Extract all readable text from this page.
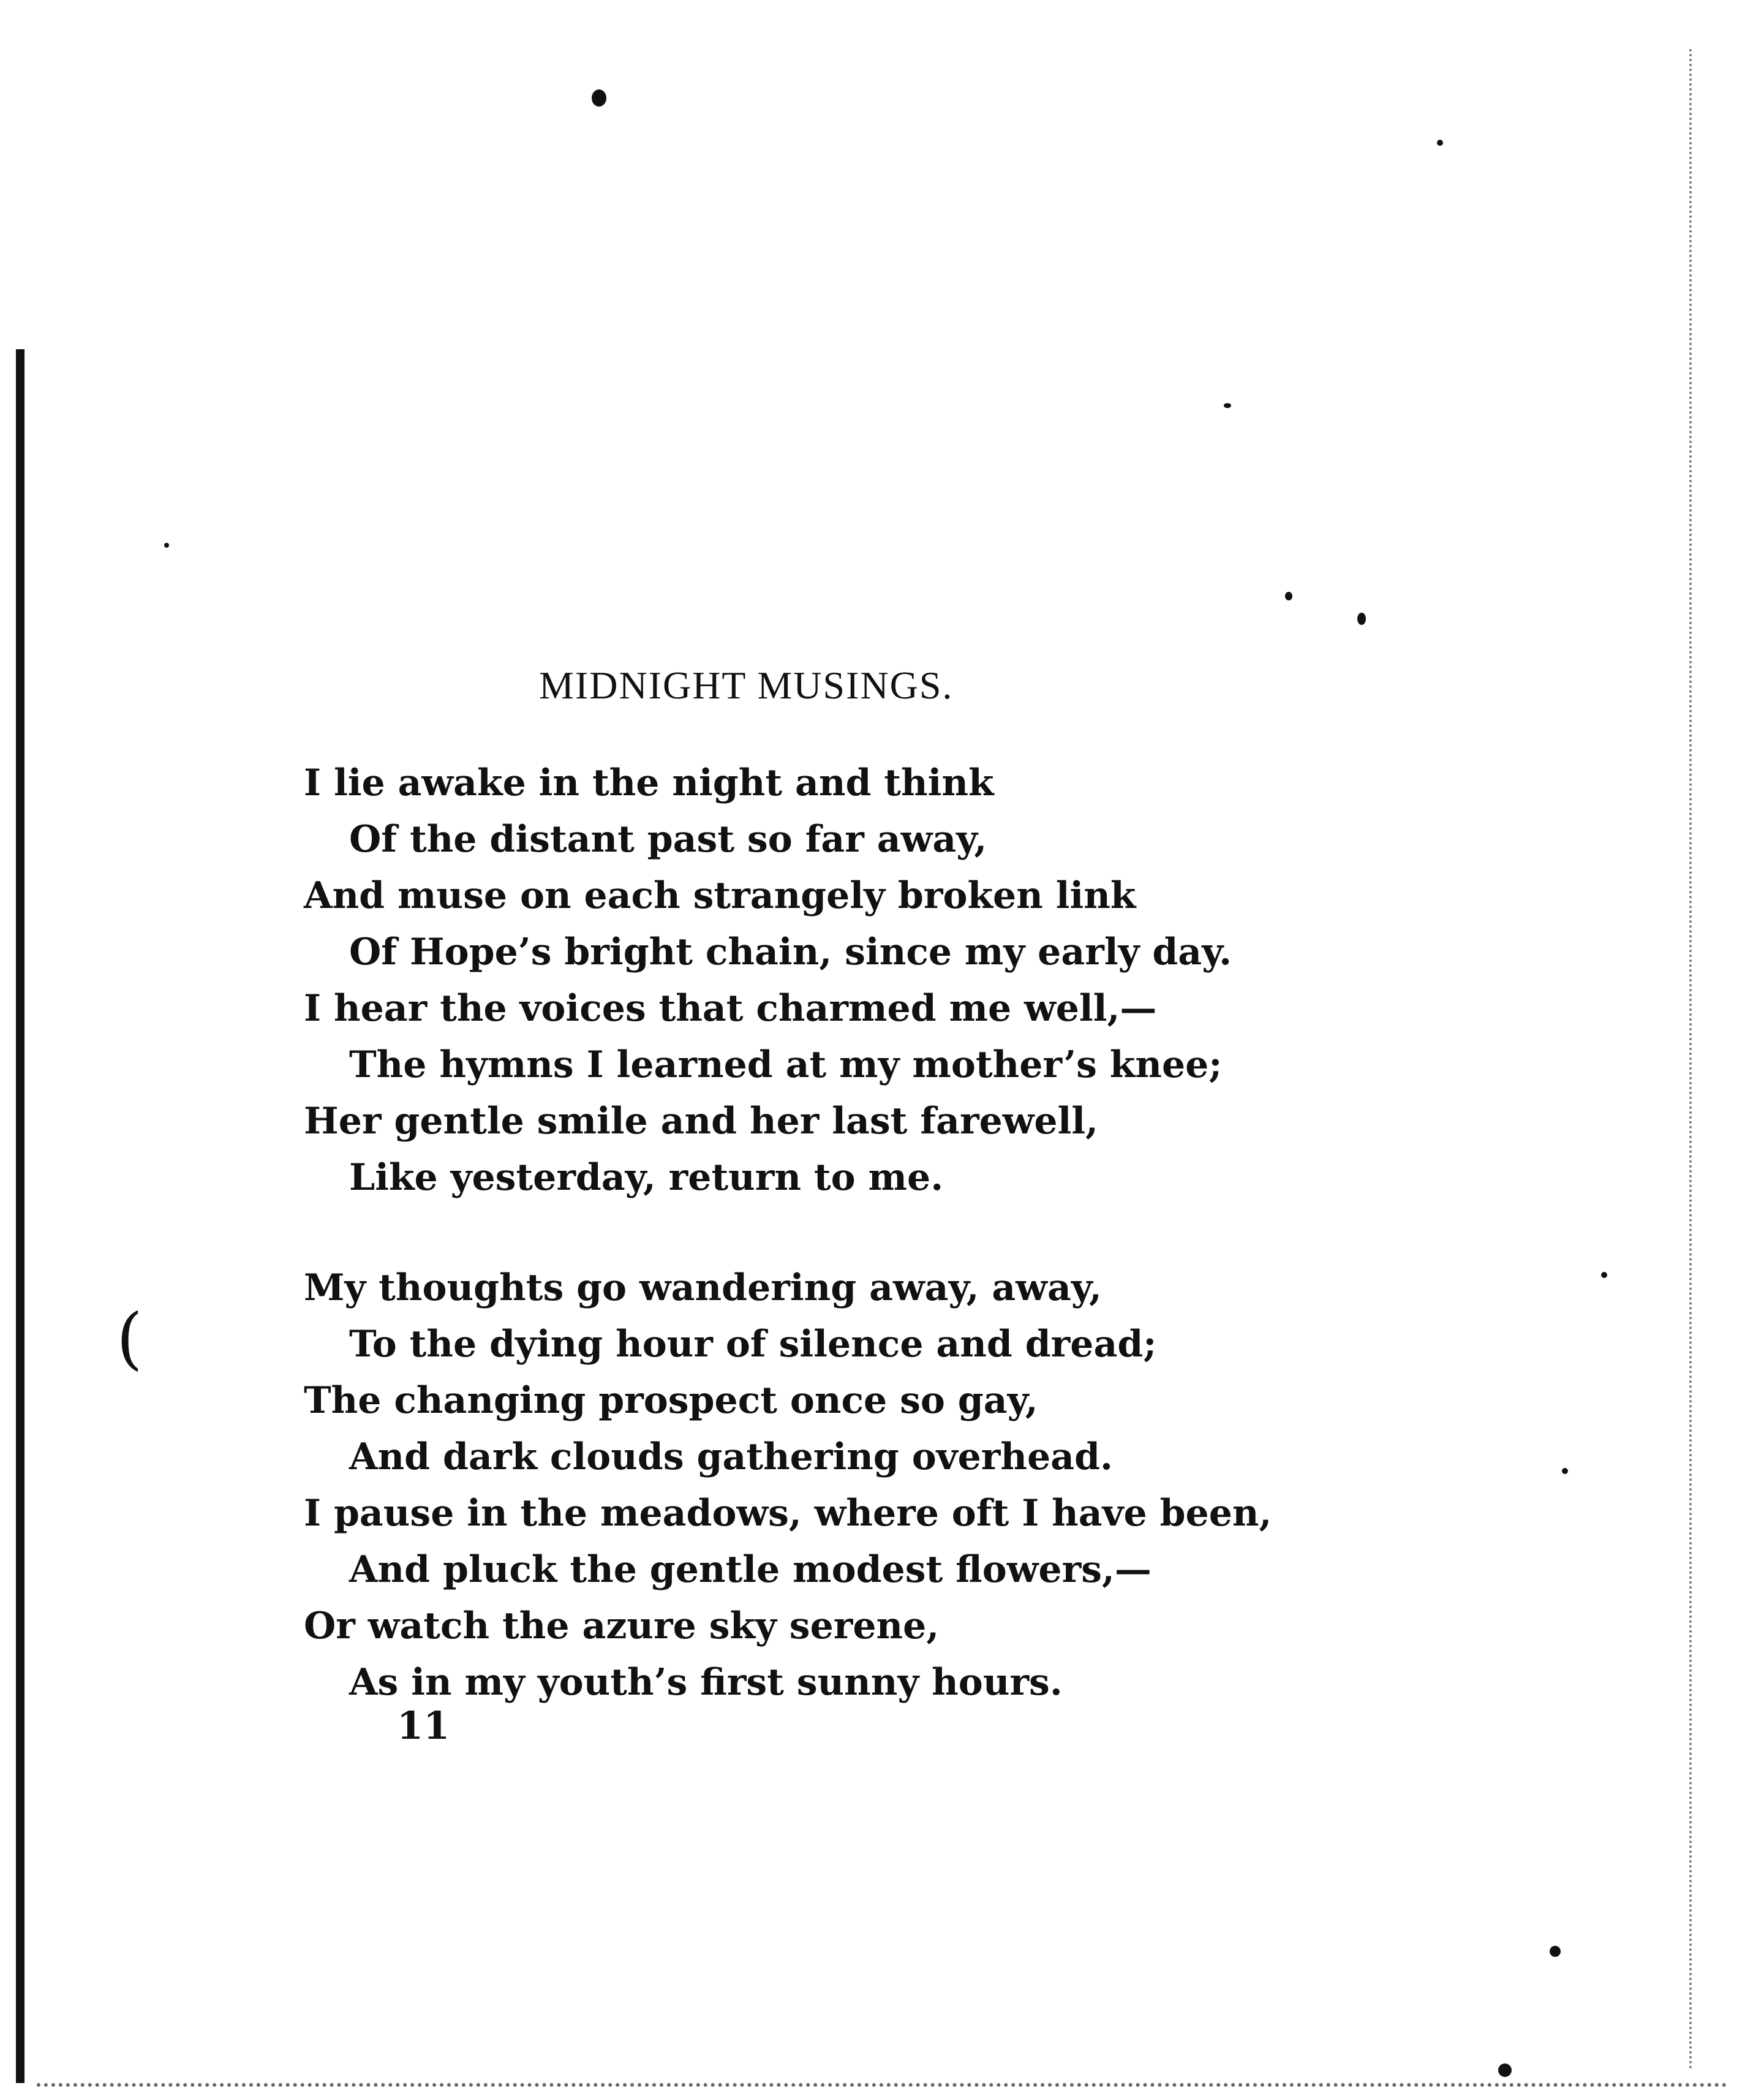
MIDNIGHT MUSINGS.
(
I lie awake in the night and think
Of the distant past so far away,
And muse on each strangely broken link
Of Hope’s bright chain, since my early day.
I hear the voices that charmed me well,—
The hymns I learned at my mother’s knee;
Her gentle smile and her last farewell,
Like yesterday, return to me.
My thoughts go wandering away, away,
To the dying hour of silence and dread;
The changing prospect once so gay,
And dark clouds gathering overhead.
I pause in the meadows, where oft I have been,
And pluck the gentle modest flowers,—
Or watch the azure sky serene,
As in my youth’s first sunny hours.
11
